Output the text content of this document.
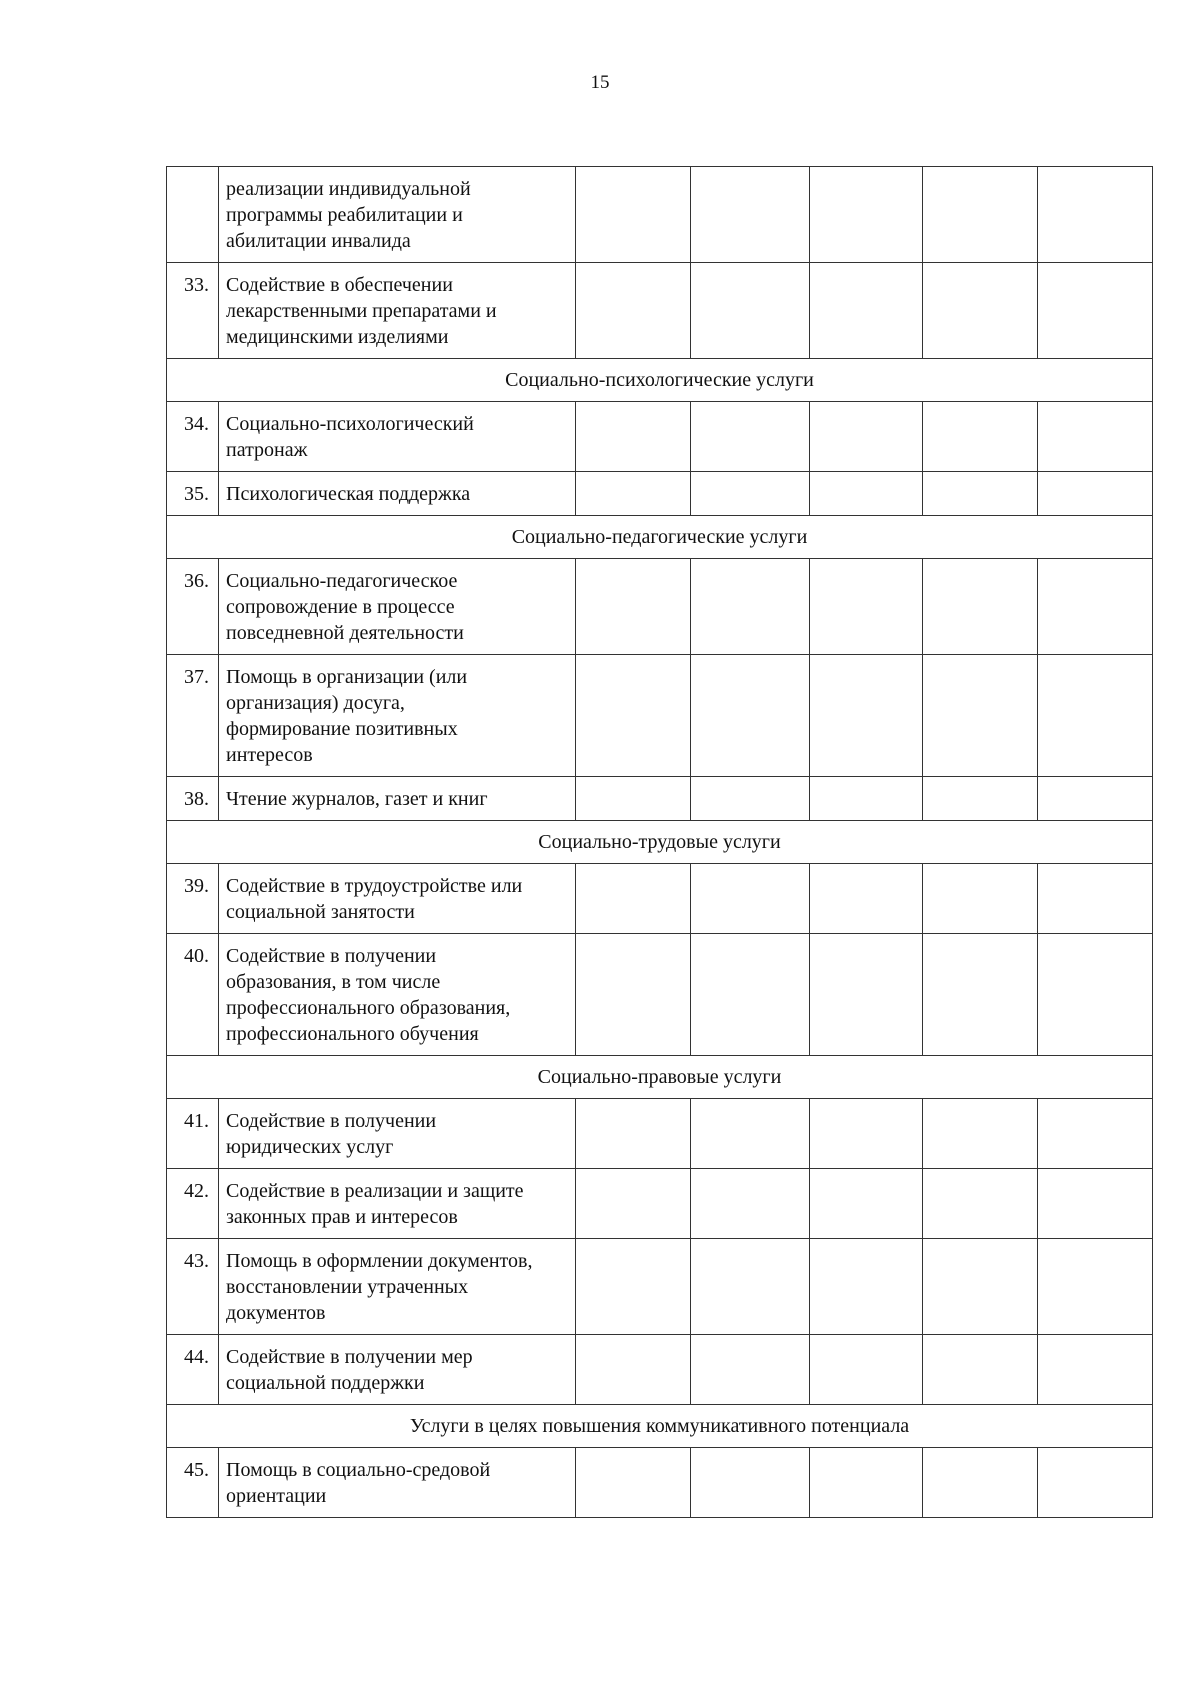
15
	реализации индивидуальной
программы реабилитации и
абилитации инвалида					
33.	Содействие в обеспечении
лекарственными препаратами и
медицинскими изделиями					
Социально-психологические услуги						
34.	Социально-психологический
патронаж					
35.	Психологическая поддержка					
Социально-педагогические услуги						
36.	Социально-педагогическое
сопровождение в процессе
повседневной деятельности					
37.	Помощь в организации (или
организация) досуга,
формирование позитивных
интересов					
38.	Чтение журналов, газет и книг					
Социально-трудовые услуги						
39.	Содействие в трудоустройстве или
социальной занятости					
40.	Содействие в получении
образования, в том числе
профессионального образования,
профессионального обучения					
Социально-правовые услуги						
41.	Содействие в получении
юридических услуг					
42.	Содействие в реализации и защите
законных прав и интересов					
43.	Помощь в оформлении документов,
восстановлении утраченных
документов					
44.	Содействие в получении мер
социальной поддержки					
Услуги в целях повышения коммуникативного потенциала						
45.	Помощь в социально-средовой
ориентации					
